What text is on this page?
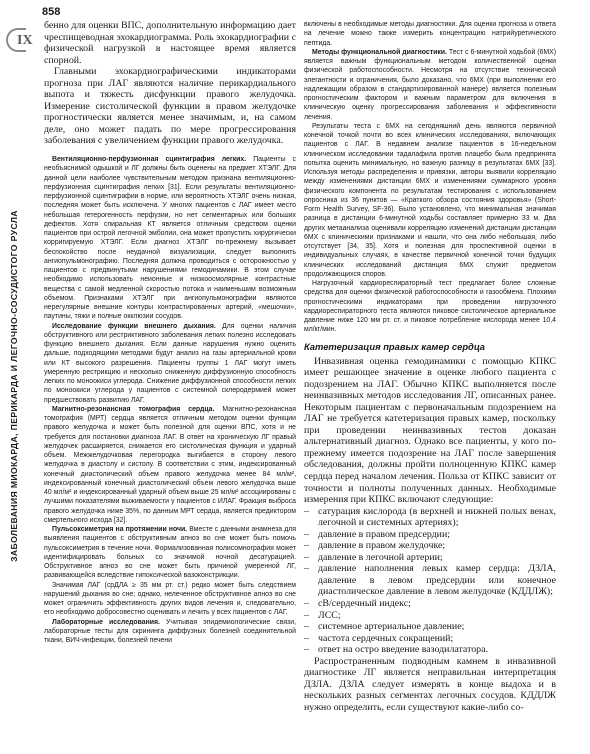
858
IX
ЗАБОЛЕВАНИЯ МИОКАРДА, ПЕРИКАРДА И ЛЕГОЧНО-СОСУДИСТОГО РУСЛА

бенно для оценки ВПС, дополнительную информацию дает чреспищеводная эхокардиограмма. Роль эхокардиографии с физической нагрузкой в настоящее время является спорной.

Главными эхокардиографическими индикаторами прогноза при ЛАГ являются наличие перикардиального выпота и тяжесть дисфункции правого желудочка. Измерение систолической функции в правом желудочке прогностически является менее значимым, и, на самом деле, оно может падать по мере прогрессирования заболевания с увеличением функции правого желудочка.

Вентиляционно-перфузионная сцинтиграфия легких. Пациенты с необъяснимой одышкой и ЛГ должны быть оценены на предмет ХТЭЛГ. Для данной цели наиболее чувствительным методом признана вентиляционно-перфузионная сцинтиграфия легких [31]. Если результаты вентиляционно-перфузионной сцинтиграфии в норме, или вероятность ХТЭЛГ очень низкая, последняя может быть исключена. У многих пациентов с ЛАГ имеет место небольшая гетерогенность перфузии, но нет сегментарных или больших дефектов. Хотя спиральная КТ является отличным средством оценки пациентов при острой легочной эмболии, она может пропустить хирургически корригируемую ХТЭЛГ. Если диагноз ХТЭЛГ по-прежнему вызывает беспокойство после неудачной визуализации, следует выполнить ангиопульмонографию. Последняя должна проводиться с осторожностью у пациентов с предвинутыми нарушениями гемодинамики. В этом случае необходимо использовать неионные и низкоосмолярные контрастные вещества с самой медленной скоростью потока и наименьшим возможным объемом. Признаками ХТЭЛГ при ангиопульмонографии являются нерегулярные внешние контуры контрастированных артерий, «мешочки», паутины, тяжи и полные окклюзии сосудов.

Исследование функции внешнего дыхания. Для оценки наличия обструктивного или рестриктивного заболевания легких полезно исследовать функцию внешнего дыхания. Если данные нарушения нужно оценить дальше, подходящими методами будут анализ на газы артериальной крови или КТ высокого разрешения. Пациенты группы 1 ЛАГ могут иметь умеренную рестрикцию и несколько сниженную диффузионную способность легких по моноокиси углерода. Снижение диффузионной способности легких по моноокиси углерода у пациентов с системной склеродермией может предшествовать развитию ЛАГ.

Магнитно-резонансная томография сердца. Магнитно-резонансная томография (МРТ) сердца является отличным методом оценки функции правого желудочка и может быть полезной для оценки ВПС, хотя и не требуется для постановки диагноза ЛАГ. В ответ на хроническую ЛГ правый желудочек расширяется, снижается его систолическая функция и ударный объем. Межжелудочковая перегородка выгибается в сторону левого желудочка в диастолу и систолу. В соответствии с этим, индексированный конечный диастолический объем правого желудочка менее 84 мл/м², индексированный конечный диастолический объем левого желудочка выше 40 мл/м² и индексированный ударный объем выше 25 мл/м² ассоциированы с лучшими показателями выживаемости у пациентов с ИЛАГ. Фракция выброса правого желудочка ниже 35%, по данным МРТ сердца, является предиктором смертельного исхода [32].

Пульсоксиметрия на протяжении ночи. Вместе с данными анамнеза для выявления пациентов с обструктивным апноэ во сне может быть помочь пульсоксиметрия в течение ночи. Формализованная полисомнография может идентифицировать больных со значимой ночной десатурацией. Обструктивное апноэ во сне может быть причиной умеренной ЛГ, развивающейся вследствие гипоксической вазоконстрикции.

Значимая ЛАГ (срДЛА ≥ 35 мм рт. ст.) редко может быть следствием нарушений дыхания во сне; однако, нелеченное обструктивное апноэ во сне может ограничить эффективность других видов лечения и, следовательно, его необходимо добросовестно оценивать и лечить у всех пациентов с ЛАГ.

Лабораторные исследования. Учитывая эпидемиологические связи, лабораторные тесты для скрининга диффузных болезней соединительной ткани, ВИЧ-инфекции, болезней печени

включены в необходимые методы диагностики. Для оценки прогноза и ответа на лечение можно также измерить концентрацию натрийуретического пептида.

Методы функциональной диагностики. Тест с 6-минутной ходьбой (6МХ) является важным функциональным методом количественной оценки физической работоспособности. Несмотря на отсутствие технической элегантности и ограничения, было доказано, что 6МХ (при выполнении его надлежащим образом в стандартизированной манере) является полезным прогностическим фактором и важным параметром для включения в клиническую оценку прогрессирования заболевания и эффективности лечения.

Результаты теста с 6МХ на сегодняшний день являются первичной конечной точкой почти во всех клинических исследованиях, включающих пациентов с ЛАГ. В недавнем анализе пациентов в 16-недельном клиническом исследовании тадалафила против плацебо была предпринята попытка оценить минимальную, но важную разницу в результатах 6МХ [33]. Используя методы распределения и привязки, авторы выявили корреляцию между изменениями дистанции 6МХ и изменениями суммарного уровня физического компонента по результатам тестирования с использованием опросника из 36 пунктов — «Краткого обзора состояния здоровья» (Short-Form Health Survey, SF-36). Было установлено, что минимальная значимая разница в дистанции 6-минутной ходьбы составляет примерно 33 м. Два других метаанализа оценивали корреляцию изменений дистанции дистанции 6МХ с клиническими признаками и нашли, что она либо небольшая, либо отсутствует [34, 35]. Хотя и полезная для проспективной оценки в индивидуальных случаях, в качестве первичной конечной точки будущих клинических исследований дистанция 6МХ служит предметом продолжающихся споров.

Нагрузочный кардиореспираторный тест предлагает более сложные средства для оценки физической работоспособности и газообмена. Плохими прогностическими индикаторами при проведении нагрузочного кардиореспираторного теста являются пиковое систолическое артериальное давление ниже 120 мм рт. ст. и пиковое потребление кислорода менее 10,4 мл/кг/мин.

Катетеризация правых камер сердца

Инвазивная оценка гемодинамики с помощью КПКС имеет решающее значение в оценке любого пациента с подозрением на ЛАГ. Обычно КПКС выполняется после неинвазивных методов исследования ЛГ, описанных ранее. Некоторым пациентам с первоначальным подозрением на ЛАГ не требуется катетеризация правых камер, поскольку при проведении неинвазивных тестов доказан альтернативный диагноз. Однако все пациенты, у кого по-прежнему имеется подозрение на ЛАГ после завершения обследования, должны пройти полноценную КПКС камер сердца перед началом лечения. Польза от КПКС зависит от точности и полноты полученных данных. Необходимые измерения при КПКС включают следующие:

– сатурация кислорода (в верхней и нижней полых венах, легочной и системных артериях);
– давление в правом предсердии;
– давление в правом желудочке;
– давление в легочной артерии;
– давление наполнения левых камер сердца: ДЗЛА, давление в левом предсердии или конечное диастолическое давление в левом желудочке (КДДЛЖ);
– сВ/сердечный индекс;
– ЛСС;
– системное артериальное давление;
– частота сердечных сокращений;
– ответ на остро введение вазодилататора.

Распространенным подводным камнем в инвазивной диагностике ЛГ является неправильная интерпретация ДЗЛА. ДЗЛА следует измерять в конце выдоха и в нескольких разных сегментах легочных сосудов. КДДЛЖ нужно определить, если существуют какие-либо со-
